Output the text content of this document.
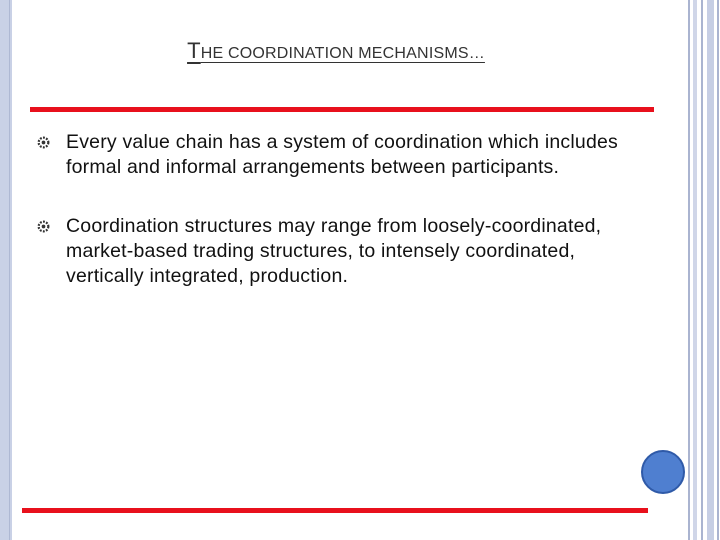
THE COORDINATION MECHANISMS…
Every value chain has a system of coordination which includes formal and informal arrangements between participants.
Coordination structures may range from loosely-coordinated, market-based trading structures, to intensely coordinated, vertically integrated, production.
